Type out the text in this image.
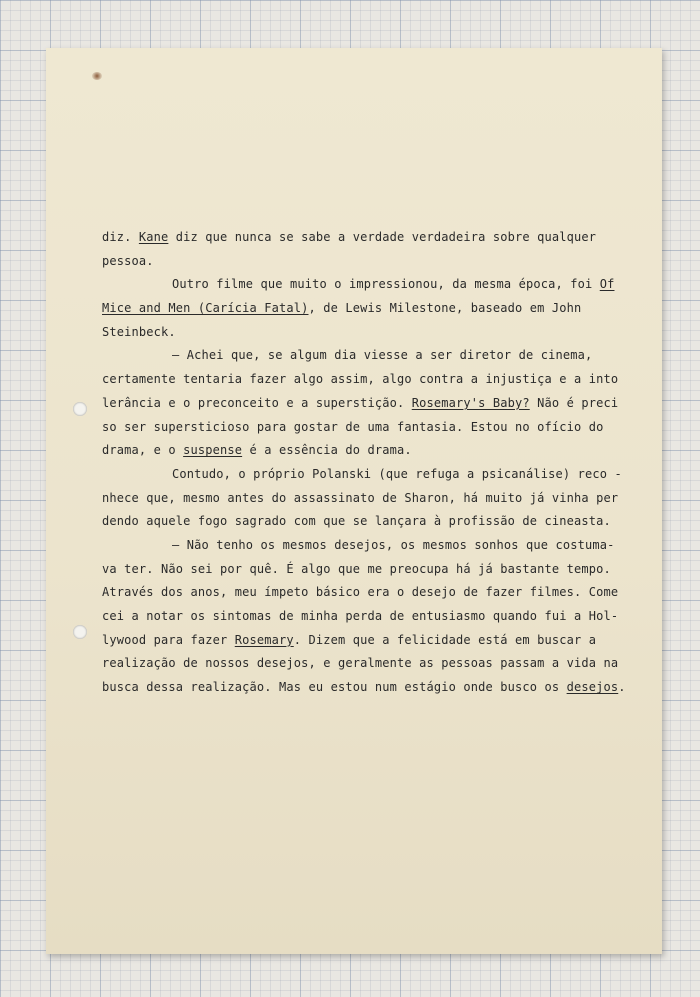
diz. Kane diz que nunca se sabe a verdade verdadeira sobre qualquer
pessoa.
Outro filme que muito o impressionou, da mesma época, foi Of
Mice and Men (Carícia Fatal), de Lewis Milestone, baseado em John
Steinbeck.
— Achei que, se algum dia viesse a ser diretor de cinema,
certamente tentaria fazer algo assim, algo contra a injustiça e a into
lerância e o preconceito e a superstição. Rosemary's Baby? Não é preci
so ser supersticioso para gostar de uma fantasia. Estou no ofício do
drama, e o suspense é a essência do drama.
Contudo, o próprio Polanski (que refuga a psicanálise) reco -
nhece que, mesmo antes do assassinato de Sharon, há muito já vinha per
dendo aquele fogo sagrado com que se lançara à profissão de cineasta.
— Não tenho os mesmos desejos, os mesmos sonhos que costuma-
va ter. Não sei por quê. É algo que me preocupa há já bastante tempo.
Através dos anos, meu ímpeto básico era o desejo de fazer filmes. Come
cei a notar os sintomas de minha perda de entusiasmo quando fui a Hol-
lywood para fazer Rosemary. Dizem que a felicidade está em buscar a
realização de nossos desejos, e geralmente as pessoas passam a vida na
busca dessa realização. Mas eu estou num estágio onde busco os desejos.
